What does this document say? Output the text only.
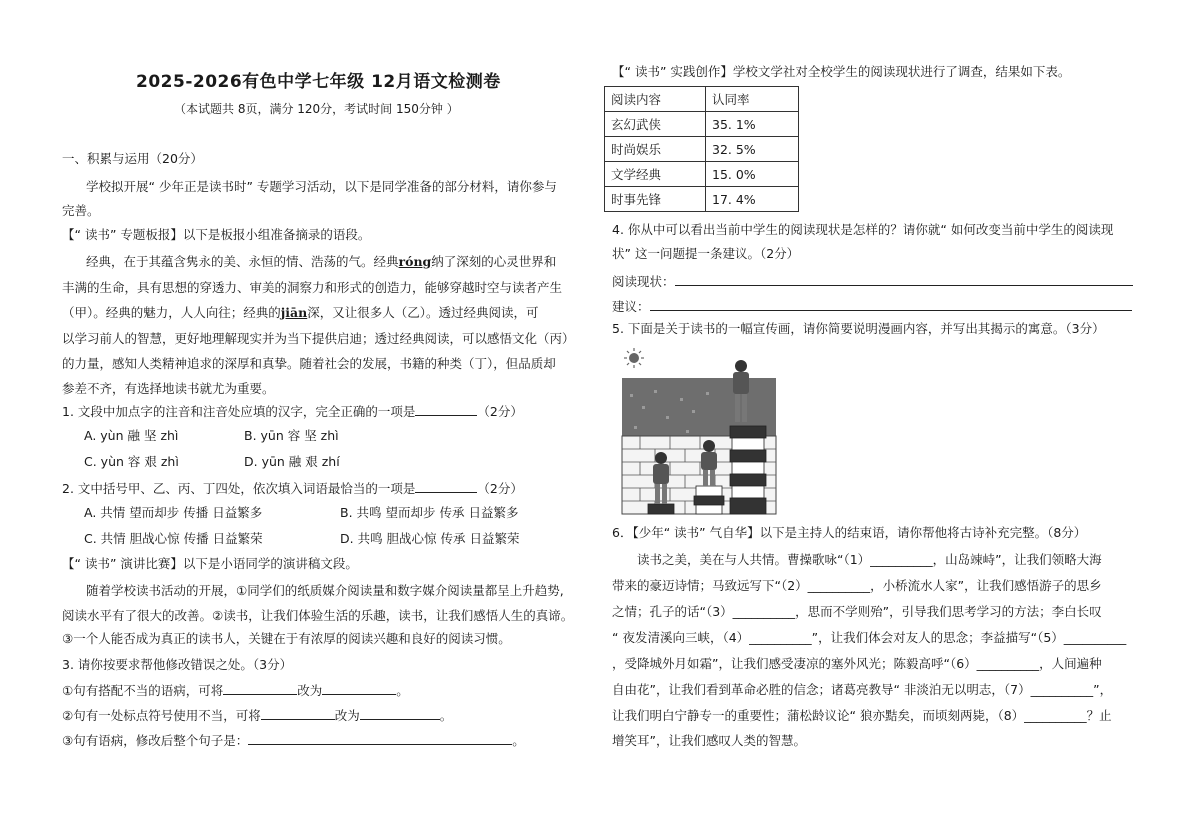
2025-2026有色中学七年级 12月语文检测卷
（本试题共 8页，满分 120分，考试时间 150分钟 ）
一、积累与运用（20分）
学校拟开展“ 少年正是读书时” 专题学习活动，以下是同学准备的部分材料，请你参与
完善。
【“ 读书” 专题板报】以下是板报小组准备摘录的语段。
经典，在于其蕴含隽永的美、永恒的情、浩荡的气。经典róng纳了深刻的心灵世界和
丰满的生命，具有思想的穿透力、审美的洞察力和形式的创造力，能够穿越时空与读者产生
（甲）。经典的魅力，人人向往；经典的jiān深，又让很多人（乙）。透过经典阅读，可
以学习前人的智慧，更好地理解现实并为当下提供启迪；透过经典阅读，可以感悟文化（丙）
的力量，感知人类精神追求的深厚和真挚。随着社会的发展，书籍的种类（丁），但品质却
参差不齐，有选择地读书就尤为重要。
1. 文段中加点字的注音和注音处应填的汉字，完全正确的一项是	（2分）
A. yùn 融 坚 zhì	B. yūn 容 坚 zhì
C. yùn 容 艰 zhì	D. yūn 融 艰 zhí
2. 文中括号甲、乙、丙、丁四处，依次填入词语最恰当的一项是	（2分）
A. 共情 望而却步 传播 日益繁多	B. 共鸣 望而却步 传承 日益繁多
C. 共情 胆战心惊 传播 日益繁荣	D. 共鸣 胆战心惊 传承 日益繁荣
【“ 读书” 演讲比赛】以下是小语同学的演讲稿文段。
随着学校读书活动的开展，①同学们的纸质媒介阅读量和数字媒介阅读量都呈上升趋势,
阅读水平有了很大的改善。②读书，让我们体验生活的乐趣，读书，让我们感悟人生的真谛。
③一个人能否成为真正的读书人，关键在于有浓厚的阅读兴趣和良好的阅读习惯。
3. 请你按要求帮他修改错误之处。（3分）
①句有搭配不当的语病，可将	改为	。
②句有一处标点符号使用不当，可将	改为	。
③句有语病，修改后整个句子是：	。
【“ 读书” 实践创作】学校文学社对全校学生的阅读现状进行了调查，结果如下表。
阅读内容	认同率
玄幻武侠	35. 1%
时尚娱乐	32. 5%
文学经典	15. 0%
时事先锋	17. 4%
4. 你从中可以看出当前中学生的阅读现状是怎样的？请你就“ 如何改变当前中学生的阅读现
状” 这一问题提一条建议。（2分）
阅读现状：
建议：
5. 下面是关于读书的一幅宣传画，请你简要说明漫画内容，并写出其揭示的寓意。（3分）
6．【少年“ 读书” 气自华】以下是主持人的结束语，请你帮他将古诗补充完整。（8分）
读书之美，美在与人共情。曹操歌咏“（1）__________，山岛竦峙”，让我们领略大海
带来的豪迈诗情；马致远写下“（2）__________，小桥流水人家”，让我们感悟游子的思乡
之情；孔子的话“（3）__________，思而不学则殆”，引导我们思考学习的方法；李白长叹
“ 夜发清溪向三峡，（4）__________”，让我们体会对友人的思念；李益描写“（5）__________
，受降城外月如霜”，让我们感受凄凉的塞外风光；陈毅高呼“（6）__________，人间遍种
自由花”，让我们看到革命必胜的信念；诸葛亮教导“ 非淡泊无以明志，（7）__________”，
让我们明白宁静专一的重要性；蒲松龄议论“ 狼亦黠矣，而顷刻两毙，（8）__________？止
增笑耳”，让我们感叹人类的智慧。
